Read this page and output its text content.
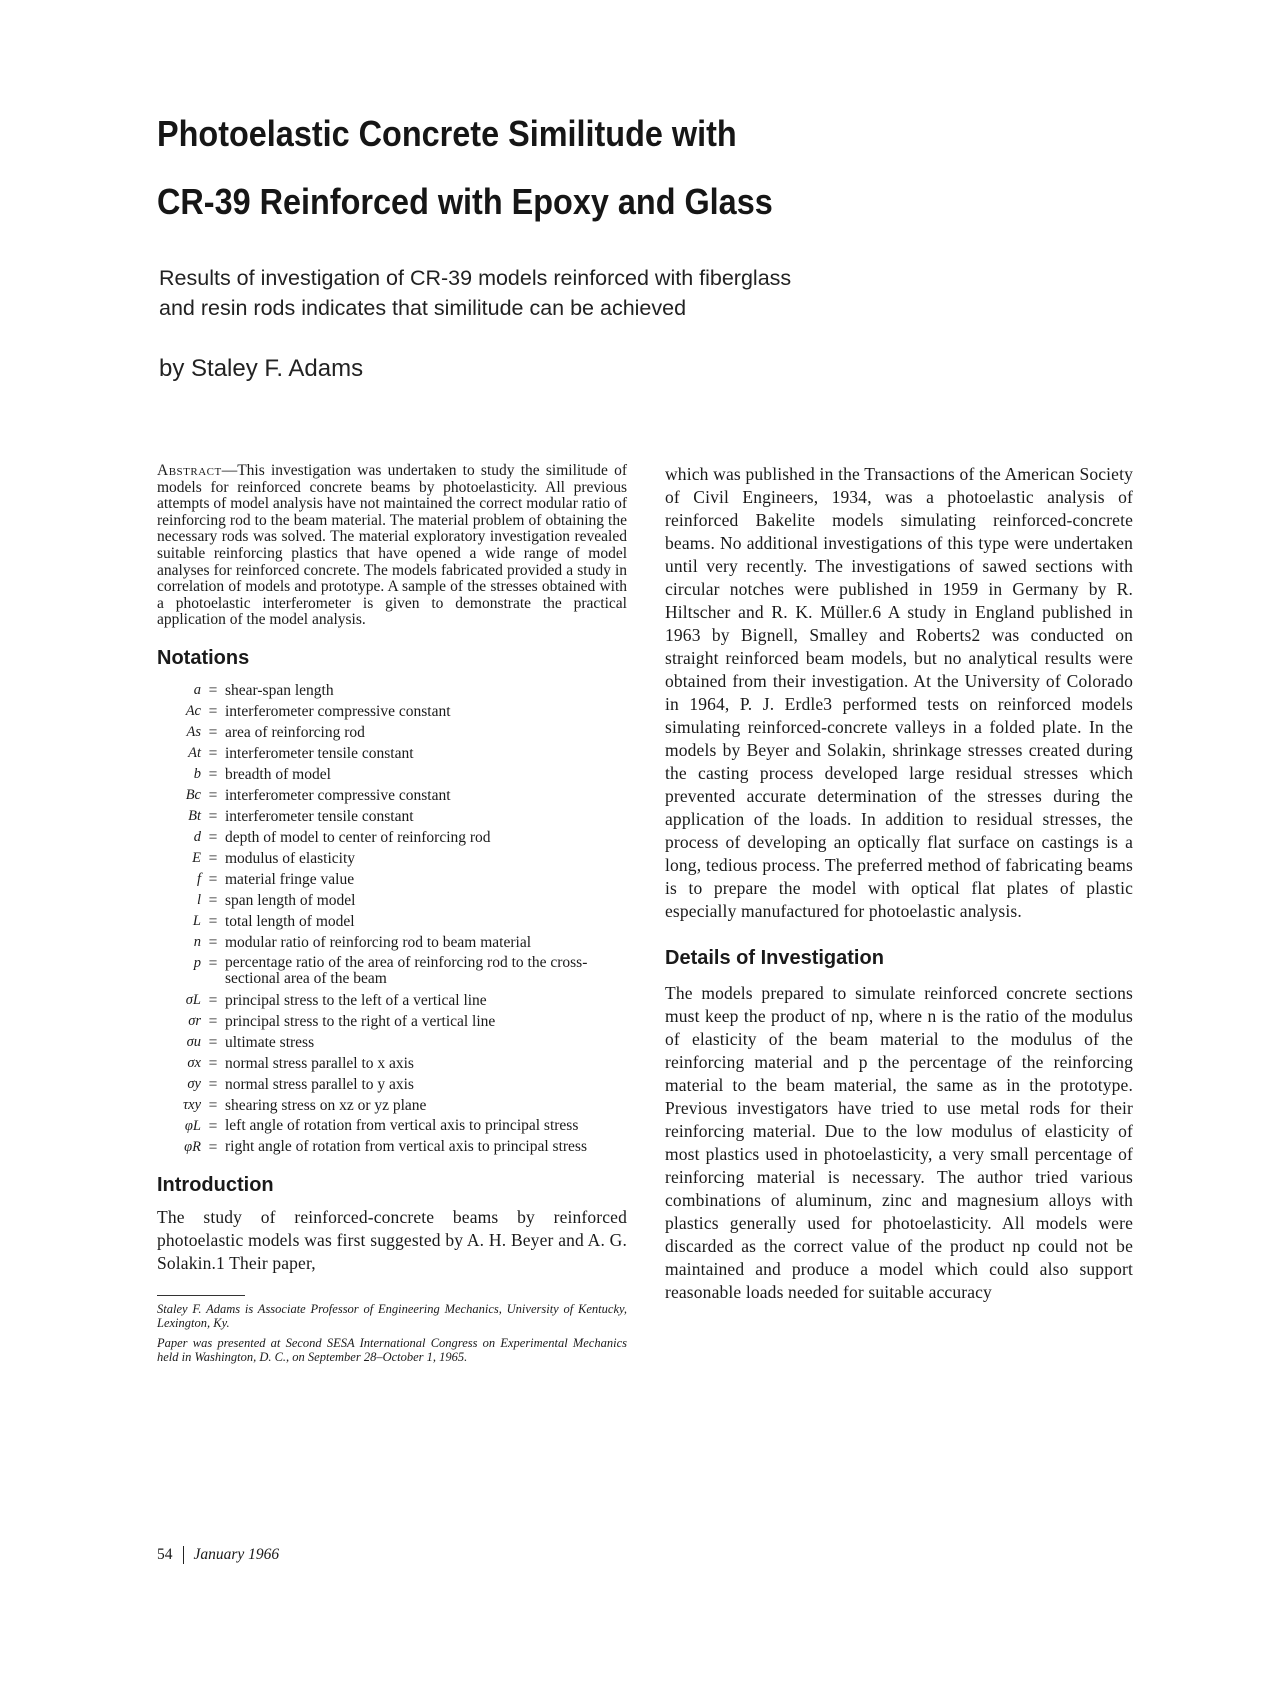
Photoelastic Concrete Similitude with
CR-39 Reinforced with Epoxy and Glass
Results of investigation of CR-39 models reinforced with fiberglass
and resin rods indicates that similitude can be achieved
by Staley F. Adams

Abstract—This investigation was undertaken to study the similitude of models for reinforced concrete beams by photoelasticity. All previous attempts of model analysis have not maintained the correct modular ratio of reinforcing rod to the beam material. The material problem of obtaining the necessary rods was solved. The material exploratory investigation revealed suitable reinforcing plastics that have opened a wide range of model analyses for reinforced concrete. The models fabricated provided a study in correlation of models and prototype. A sample of the stresses obtained with a photoelastic interferometer is given to demonstrate the practical application of the model analysis.

Notations
a = shear-span length
Ac = interferometer compressive constant
As = area of reinforcing rod
At = interferometer tensile constant
b = breadth of model
Bc = interferometer compressive constant
Bt = interferometer tensile constant
d = depth of model to center of reinforcing rod
E = modulus of elasticity
f = material fringe value
l = span length of model
L = total length of model
n = modular ratio of reinforcing rod to beam material
p = percentage ratio of the area of reinforcing rod to the cross-sectional area of the beam
σL = principal stress to the left of a vertical line
σr = principal stress to the right of a vertical line
σu = ultimate stress
σx = normal stress parallel to x axis
σy = normal stress parallel to y axis
τxy = shearing stress on xz or yz plane
φL = left angle of rotation from vertical axis to principal stress
φR = right angle of rotation from vertical axis to principal stress
Introduction

The study of reinforced-concrete beams by reinforced photoelastic models was first suggested by A. H. Beyer and A. G. Solakin.1 Their paper,

Staley F. Adams is Associate Professor of Engineering Mechanics, University of Kentucky, Lexington, Ky.

Paper was presented at Second SESA International Congress on Experimental Mechanics held in Washington, D. C., on September 28–October 1, 1965.

which was published in the Transactions of the American Society of Civil Engineers, 1934, was a photoelastic analysis of reinforced Bakelite models simulating reinforced-concrete beams. No additional investigations of this type were undertaken until very recently. The investigations of sawed sections with circular notches were published in 1959 in Germany by R. Hiltscher and R. K. Müller.6 A study in England published in 1963 by Bignell, Smalley and Roberts2 was conducted on straight reinforced beam models, but no analytical results were obtained from their investigation. At the University of Colorado in 1964, P. J. Erdle3 performed tests on reinforced models simulating reinforced-concrete valleys in a folded plate. In the models by Beyer and Solakin, shrinkage stresses created during the casting process developed large residual stresses which prevented accurate determination of the stresses during the application of the loads. In addition to residual stresses, the process of developing an optically flat surface on castings is a long, tedious process. The preferred method of fabricating beams is to prepare the model with optical flat plates of plastic especially manufactured for photoelastic analysis.

Details of Investigation

The models prepared to simulate reinforced concrete sections must keep the product of np, where n is the ratio of the modulus of elasticity of the beam material to the modulus of the reinforcing material and p the percentage of the reinforcing material to the beam material, the same as in the prototype. Previous investigators have tried to use metal rods for their reinforcing material. Due to the low modulus of elasticity of most plastics used in photoelasticity, a very small percentage of reinforcing material is necessary. The author tried various combinations of aluminum, zinc and magnesium alloys with plastics generally used for photoelasticity. All models were discarded as the correct value of the product np could not be maintained and produce a model which could also support reasonable loads needed for suitable accuracy

54 January 1966
